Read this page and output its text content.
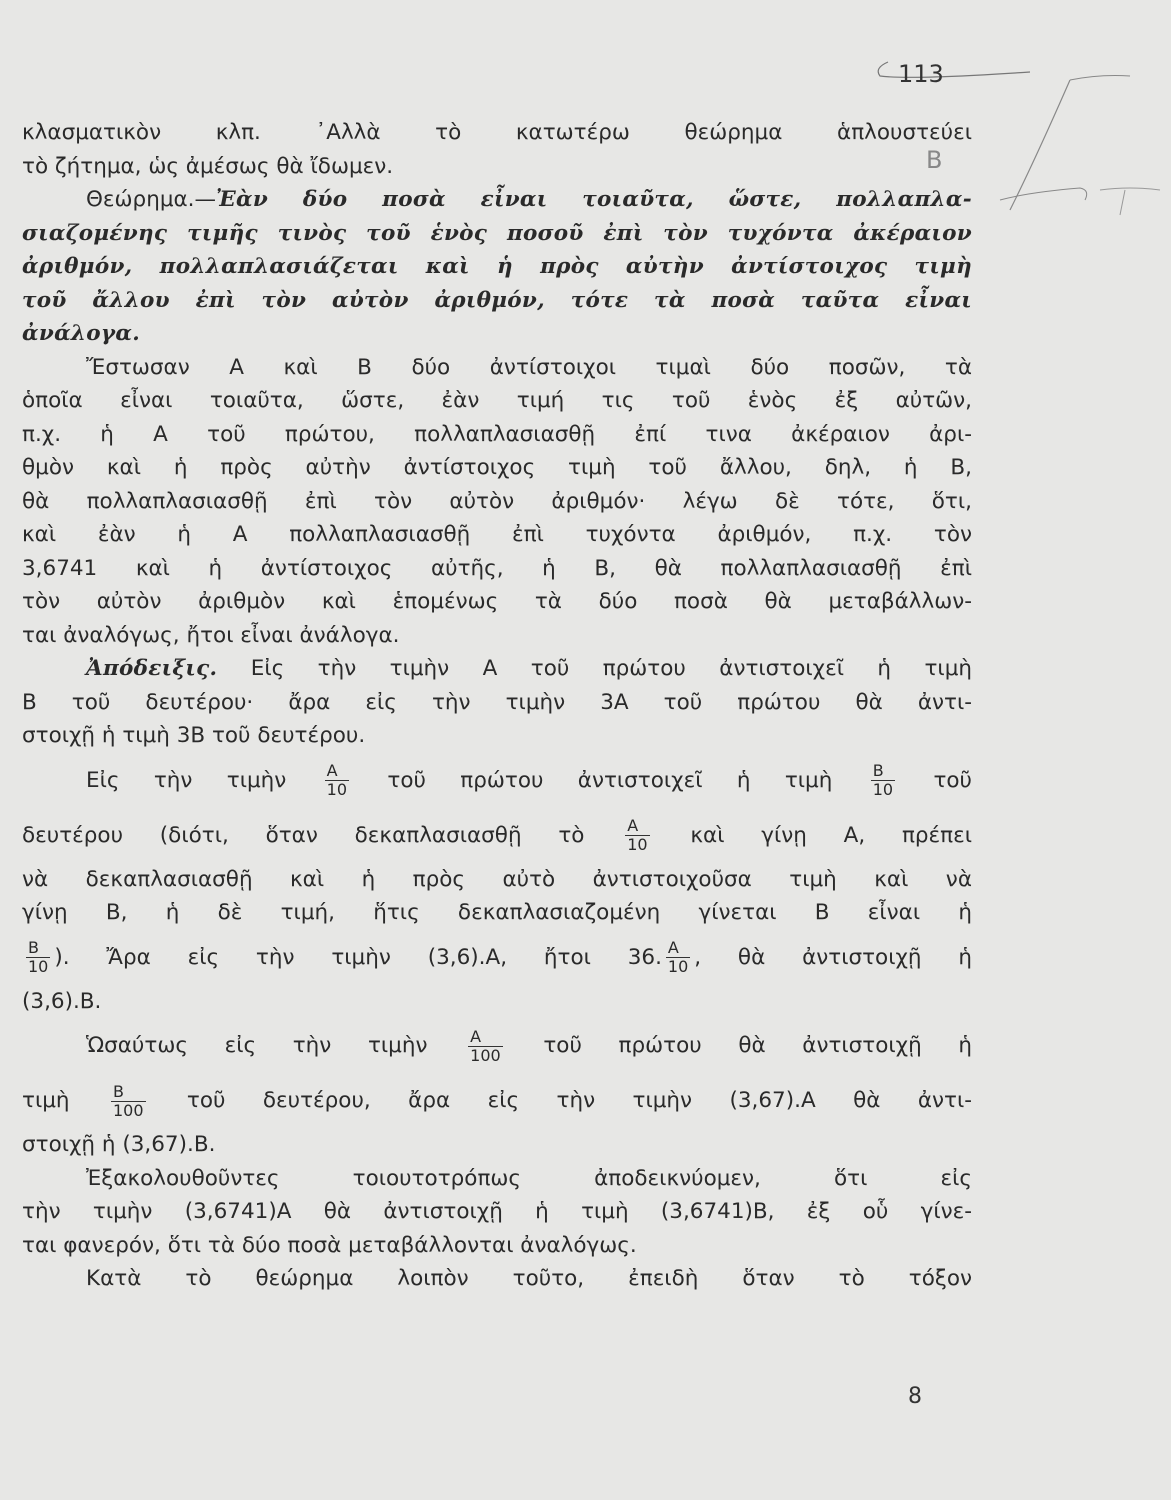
113
B
κλασματικὸν κλπ. ᾿Αλλὰ τὸ κατωτέρω θεώρημα ἁπλουστεύει
τὸ ζήτημα, ὡς ἀμέσως θὰ ἴδωμεν.
Θεώρημα.—Ἐὰν δύο ποσὰ εἶναι τοιαῦτα, ὥστε, πολλαπλα-
σιαζομένης τιμῆς τινὸς τοῦ ἑνὸς ποσοῦ ἐπὶ τὸν τυχόντα ἀκέραιον
ἀριθμόν, πολλαπλασιάζεται καὶ ἡ πρὸς αὐτὴν ἀντίστοιχος τιμὴ
τοῦ ἄλλου ἐπὶ τὸν αὐτὸν ἀριθμόν, τότε τὰ ποσὰ ταῦτα εἶναι
ἀνάλογα.
Ἔστωσαν Α καὶ Β δύο ἀντίστοιχοι τιμαὶ δύο ποσῶν, τὰ
ὁποῖα εἶναι τοιαῦτα, ὥστε, ἐὰν τιμή τις τοῦ ἑνὸς ἐξ αὐτῶν,
π.χ. ἡ Α τοῦ πρώτου, πολλαπλασιασθῇ ἐπί τινα ἀκέραιον ἀρι-
θμὸν καὶ ἡ πρὸς αὐτὴν ἀντίστοιχος τιμὴ τοῦ ἄλλου, δηλ, ἡ Β,
θὰ πολλαπλασιασθῇ ἐπὶ τὸν αὐτὸν ἀριθμόν· λέγω δὲ τότε, ὅτι,
καὶ ἐὰν ἡ Α πολλαπλασιασθῇ ἐπὶ τυχόντα ἀριθμόν, π.χ. τὸν
3,6741 καὶ ἡ ἀντίστοιχος αὐτῆς, ἡ Β, θὰ πολλαπλασιασθῇ ἐπὶ
τὸν αὐτὸν ἀριθμὸν καὶ ἑπομένως τὰ δύο ποσὰ θὰ μεταβάλλων-
ται ἀναλόγως, ἤτοι εἶναι ἀνάλογα.
Ἀπόδειξις. Εἰς τὴν τιμὴν Α τοῦ πρώτου ἀντιστοιχεῖ ἡ τιμὴ
Β τοῦ δευτέρου· ἄρα εἰς τὴν τιμὴν 3Α τοῦ πρώτου θὰ ἀντι-
στοιχῇ ἡ τιμὴ 3Β τοῦ δευτέρου.
Εἰς τὴν τιμὴν $\frac{A}{10}$ τοῦ πρώτου ἀντιστοιχεῖ ἡ τιμὴ $\frac{B}{10}$ τοῦ
δευτέρου (διότι, ὅταν δεκαπλασιασθῇ τὸ	$\frac{A}{10}$ καὶ γίνῃ Α, πρέπει
νὰ δεκαπλασιασθῇ καὶ ἡ πρὸς αὐτὸ ἀντιστοιχοῦσα τιμὴ καὶ νὰ
γίνῃ Β, ἡ δὲ τιμή, ἥτις δεκαπλασιαζομένη γίνεται Β εἶναι ἡ
$\frac{B}{10}$ ). Ἄρα εἰς τὴν τιμὴν (3,6).Α, ἤτοι 36. $\frac{A}{10}$ , θὰ ἀντιστοιχῇ ἡ
(3,6).Β.
Ὡσαύτως εἰς τὴν τιμὴν	$\frac{A}{100}$ τοῦ πρώτου θὰ ἀντιστοιχῇ ἡ
τιμὴ	$\frac{B}{100}$ τοῦ δευτέρου, ἄρα εἰς τὴν τιμὴν (3,67).Α θὰ ἀντι-
στοιχῇ ἡ (3,67).Β.
Ἐξακολουθοῦντες τοιουτοτρόπως ἀποδεικνύομεν, ὅτι εἰς
τὴν τιμὴν (3,6741)Α θὰ ἀντιστοιχῇ ἡ τιμὴ (3,6741)Β, ἐξ οὗ γίνε-
ται φανερόν, ὅτι τὰ δύο ποσὰ μεταβάλλονται ἀναλόγως.
Κατὰ τὸ θεώρημα λοιπὸν τοῦτο, ἐπειδὴ ὅταν τὸ τόξον
8
